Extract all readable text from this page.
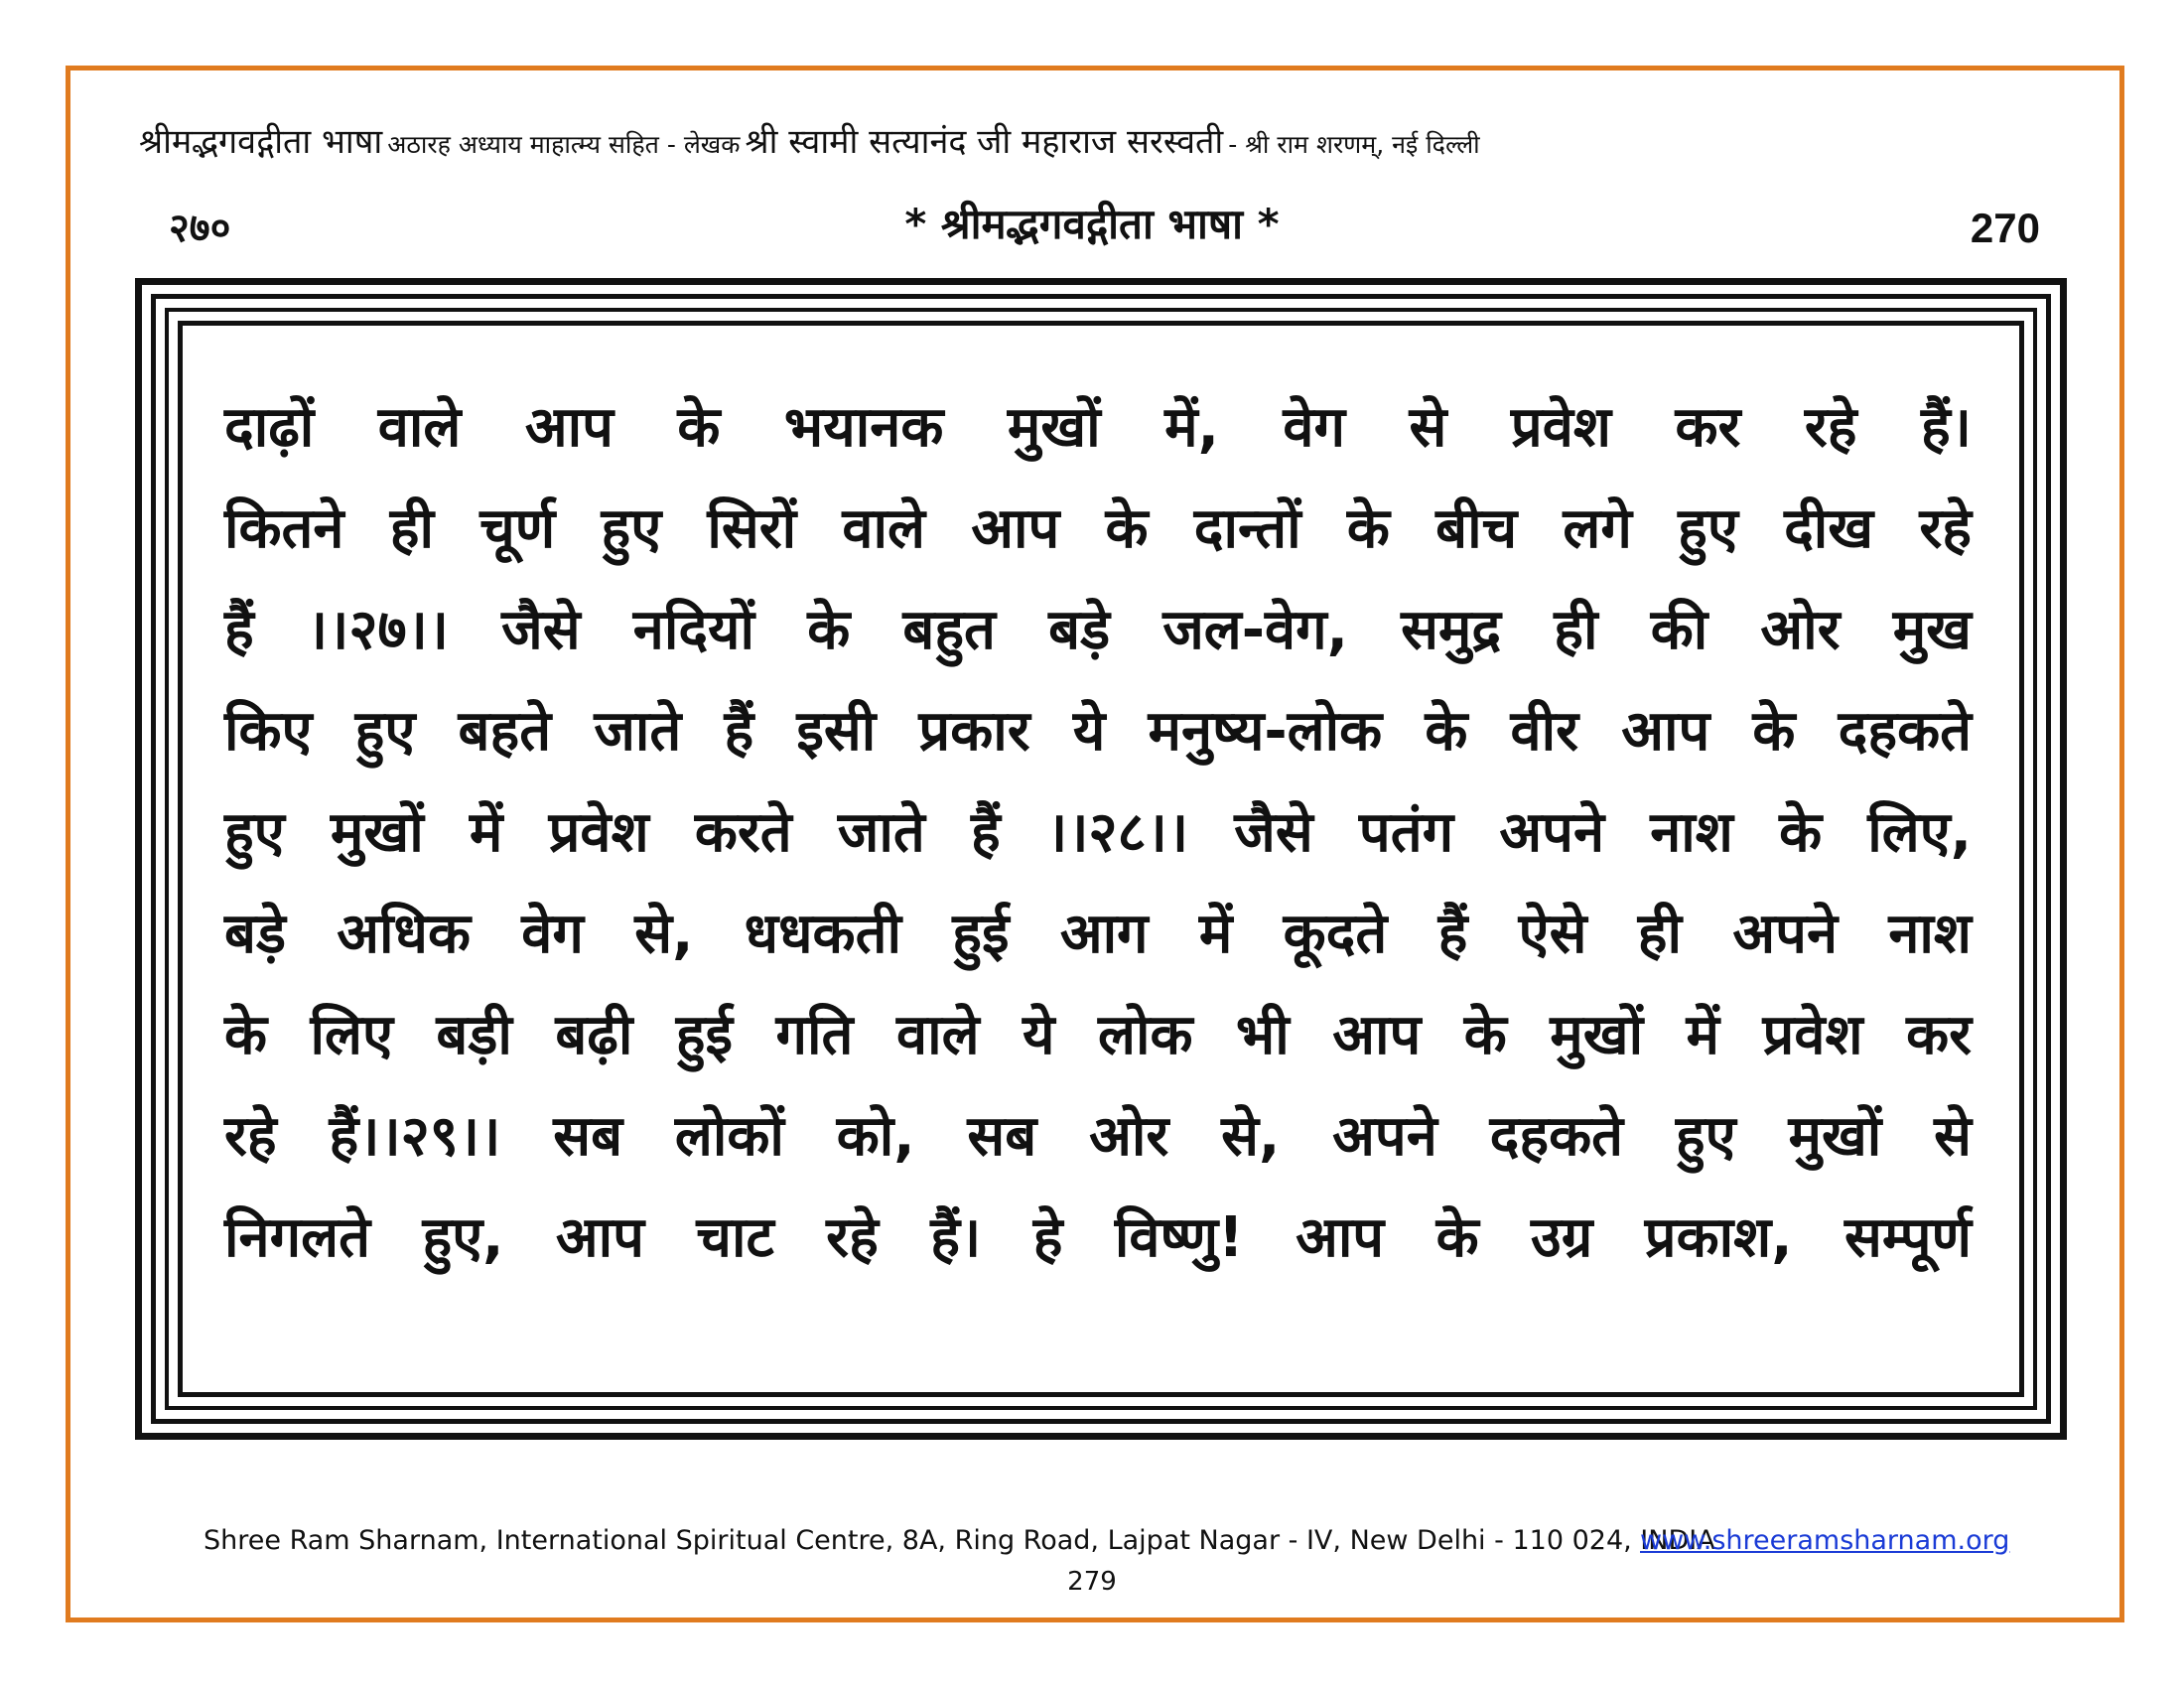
श्रीमद्भगवद्गीता भाषा अठारह अध्याय माहात्म्य सहित - लेखक श्री स्वामी सत्यानंद जी महाराज सरस्वती - श्री राम शरणम्, नई दिल्ली
२७०	* श्रीमद्भगवद्गीता भाषा *	270
दाढ़ों वाले आप के भयानक मुखों में, वेग से प्रवेश कर रहे हैं।
कितने ही चूर्ण हुए सिरों वाले आप के दान्तों के बीच लगे हुए दीख रहे
हैं ।।२७।। जैसे नदियों के बहुत बड़े जल-वेग, समुद्र ही की ओर मुख
किए हुए बहते जाते हैं इसी प्रकार ये मनुष्य-लोक के वीर आप के दहकते
हुए मुखों में प्रवेश करते जाते हैं ।।२८।। जैसे पतंग अपने नाश के लिए,
बड़े अधिक वेग से, धधकती हुई आग में कूदते हैं ऐसे ही अपने नाश
के लिए बड़ी बढ़ी हुई गति वाले ये लोक भी आप के मुखों में प्रवेश कर
रहे हैं।।२९।। सब लोकों को, सब ओर से, अपने दहकते हुए मुखों से
निगलते हुए, आप चाट रहे हैं। हे विष्णु! आप के उग्र प्रकाश, सम्पूर्ण
Shree Ram Sharnam, International Spiritual Centre, 8A, Ring Road, Lajpat Nagar - IV, New Delhi - 110 024, INDIA
www.shreeramsharnam.org
279
